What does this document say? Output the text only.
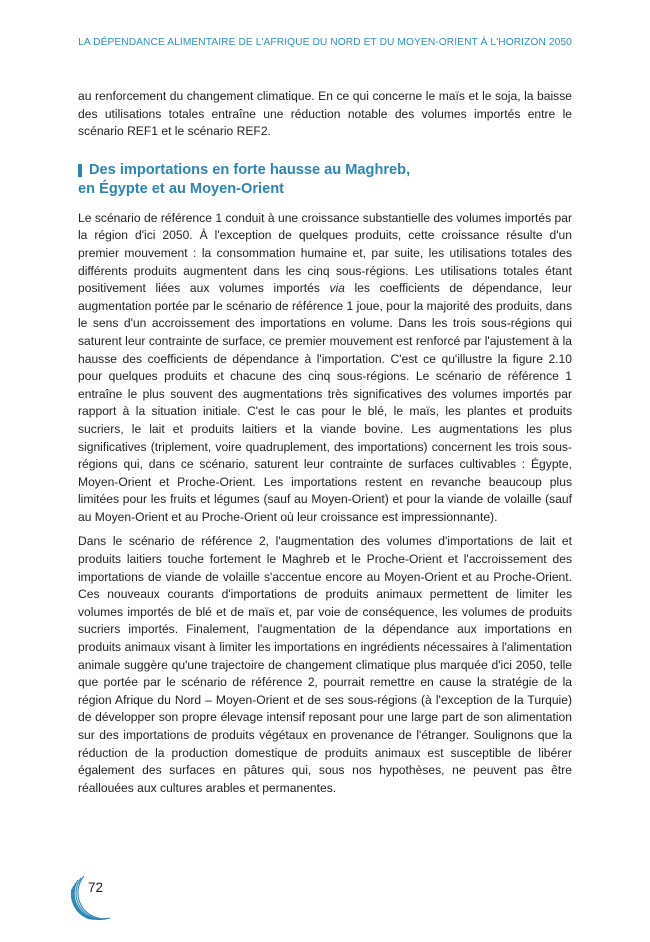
LA DÉPENDANCE ALIMENTAIRE DE L'AFRIQUE DU NORD ET DU MOYEN-ORIENT À L'HORIZON 2050

au renforcement du changement climatique. En ce qui concerne le maïs et le soja, la baisse des utilisations totales entraîne une réduction notable des volumes importés entre le scénario REF1 et le scénario REF2.

Des importations en forte hausse au Maghreb,
en Égypte et au Moyen-Orient

Le scénario de référence 1 conduit à une croissance substantielle des volumes importés par la région d'ici 2050. À l'exception de quelques produits, cette croissance résulte d'un premier mouvement : la consommation humaine et, par suite, les utilisations totales des différents produits augmentent dans les cinq sous-régions. Les utilisations totales étant positivement liées aux volumes importés via les coefficients de dépendance, leur augmentation portée par le scénario de référence 1 joue, pour la majorité des produits, dans le sens d'un accroissement des importations en volume. Dans les trois sous-régions qui saturent leur contrainte de surface, ce premier mouvement est renforcé par l'ajustement à la hausse des coefficients de dépendance à l'importation. C'est ce qu'illustre la figure 2.10 pour quelques produits et chacune des cinq sous-régions. Le scénario de référence 1 entraîne le plus souvent des augmentations très significatives des volumes importés par rapport à la situation initiale. C'est le cas pour le blé, le maïs, les plantes et produits sucriers, le lait et produits laitiers et la viande bovine. Les augmentations les plus significatives (triplement, voire quadruplement, des importations) concernent les trois sous-régions qui, dans ce scénario, saturent leur contrainte de surfaces cultivables : Égypte, Moyen-Orient et Proche-Orient. Les importations restent en revanche beaucoup plus limitées pour les fruits et légumes (sauf au Moyen-Orient) et pour la viande de volaille (sauf au Moyen-Orient et au Proche-Orient où leur croissance est impressionnante).

Dans le scénario de référence 2, l'augmentation des volumes d'importations de lait et produits laitiers touche fortement le Maghreb et le Proche-Orient et l'accroissement des importations de viande de volaille s'accentue encore au Moyen-Orient et au Proche-Orient. Ces nouveaux courants d'importations de produits animaux permettent de limiter les volumes importés de blé et de maïs et, par voie de conséquence, les volumes de produits sucriers importés. Finalement, l'augmentation de la dépendance aux importations en produits animaux visant à limiter les importations en ingrédients nécessaires à l'alimentation animale suggère qu'une trajectoire de changement climatique plus marquée d'ici 2050, telle que portée par le scénario de référence 2, pourrait remettre en cause la stratégie de la région Afrique du Nord – Moyen-Orient et de ses sous-régions (à l'exception de la Turquie) de développer son propre élevage intensif reposant pour une large part de son alimentation sur des importations de produits végétaux en provenance de l'étranger. Soulignons que la réduction de la production domestique de produits animaux est susceptible de libérer également des surfaces en pâtures qui, sous nos hypothèses, ne peuvent pas être réallouées aux cultures arables et permanentes.

72
